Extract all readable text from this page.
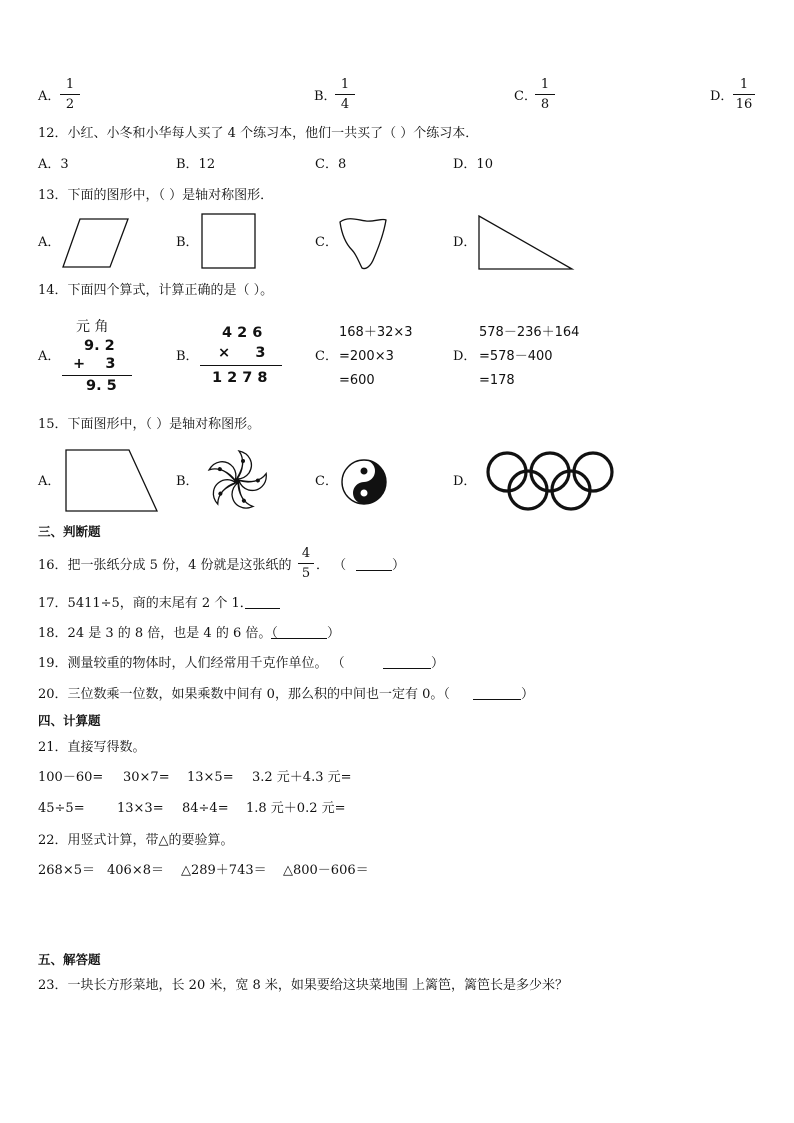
A．
1
2
B．
1
4
C．
1
8
D．
1
16
12．小红、小冬和小华每人买了 4 个练习本，他们一共买了（ ）个练习本．
A．3	B．12	C．8	D．10
13．下面的图形中，（ ）是轴对称图形．
A．	B．	C．	D．
14．下面四个算式，计算正确的是（ ）。
A．
元 角
9. 2
+    3
9. 5
B．
4 2 6
×     3
1 2 7 8
C．
168＋32×3
=200×3
=600
D．
578－236＋164
=578－400
=178
15．下面图形中，（ ）是轴对称图形。
A．	B．	C．	D．
三、判断题
16．把一张纸分成 5 份，4 份就是这张纸的
4
5
． （	）
17．5411÷5，商的末尾有 2 个 1．
18．24 是 3 的 8 倍，也是 4 的 6 倍。（	）
19．测量较重的物体时，人们经常用千克作单位。 （	）
20．三位数乘一位数，如果乘数中间有 0，那么积的中间也一定有 0。（	）
四、计算题
21．直接写得数。
100－60= 30×7= 13×5= 3.2 元＋4.3 元=
45÷5= 13×3= 84÷4= 1.8 元＋0.2 元=
22．用竖式计算，带△的要验算。
268×5＝ 406×8＝ △289＋743＝ △800－606＝
五、解答题
23．一块长方形菜地，长 20 米，宽 8 米，如果要给这块菜地围 上篱笆，篱笆长是多少米？
